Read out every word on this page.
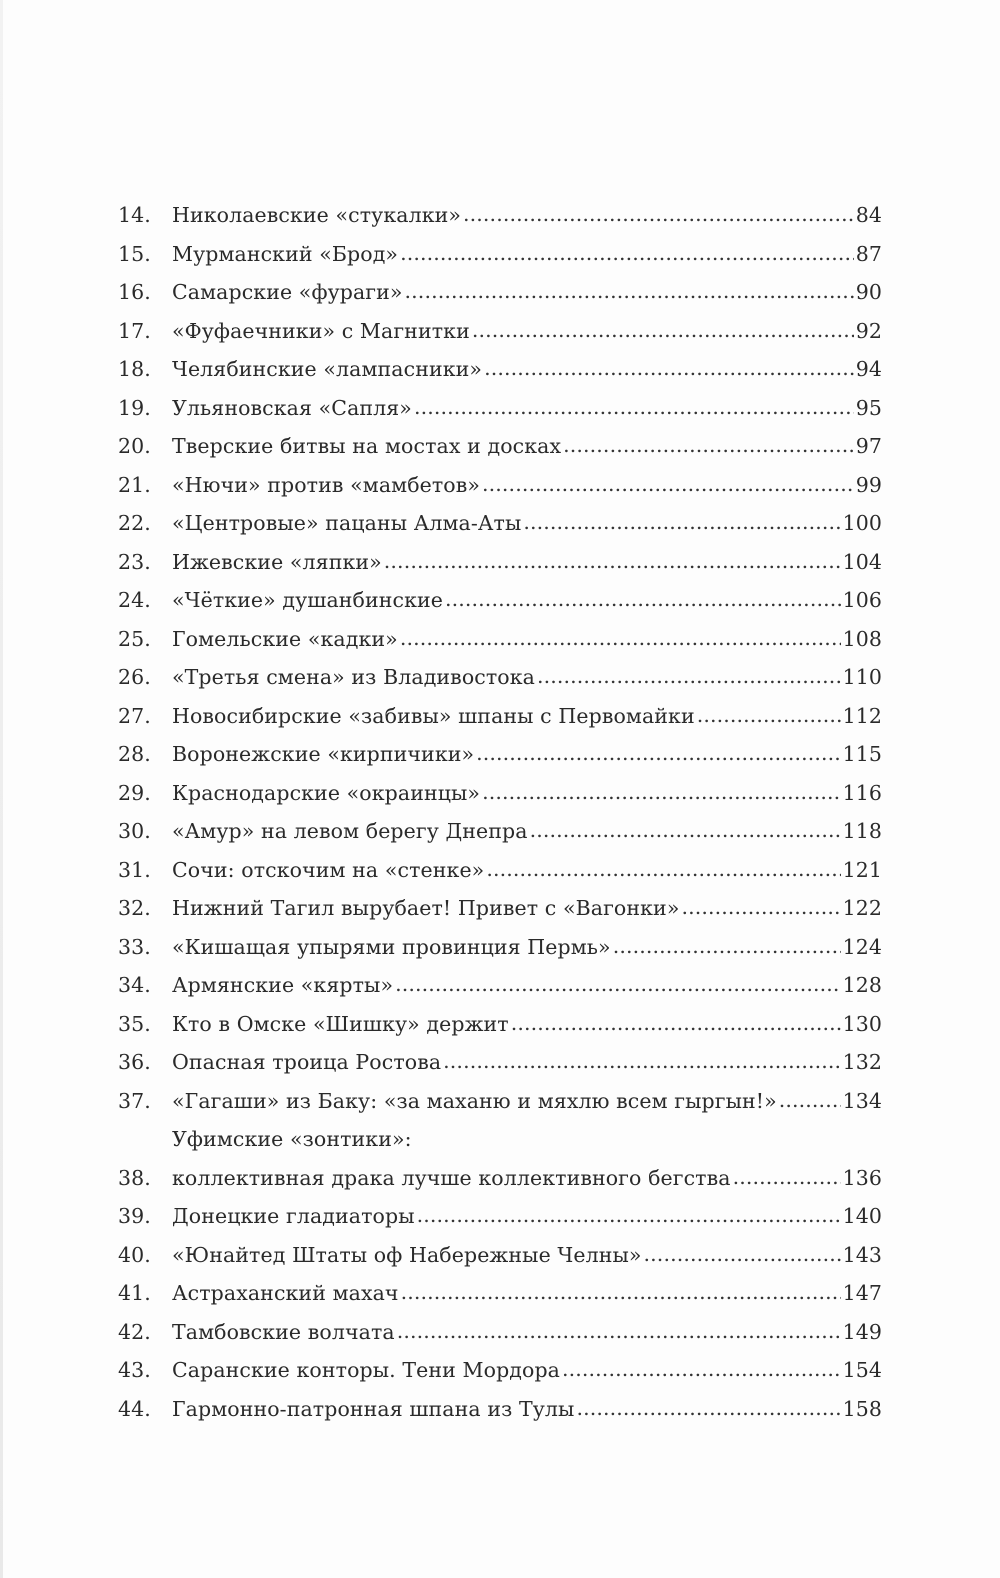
14.	Николаевские «стукалки» . . .	84
15.	Мурманский «Брод» . . .	87
16.	Самарские «фураги» . . .	90
17.	«Фуфаечники» с Магнитки . . .	92
18.	Челябинские «лампасники» . . .	94
19.	Ульяновская «Сапля» . . .	95
20.	Тверские битвы на мостах и досках . . .	97
21.	«Нючи» против «мамбетов» . . .	99
22.	«Центровые» пацаны Алма-Аты . . .	100
23.	Ижевские «ляпки» . . .	104
24.	«Чёткие» душанбинские . . .	106
25.	Гомельские «кадки» . . .	108
26.	«Третья смена» из Владивостока . . .	110
27.	Новосибирские «забивы» шпаны с Первомайки . . .	112
28.	Воронежские «кирпичики» . . .	115
29.	Краснодарские «окраинцы» . . .	116
30.	«Амур» на левом берегу Днепра . . .	118
31.	Сочи: отскочим на «стенке» . . .	121
32.	Нижний Тагил вырубает! Привет с «Вагонки» . . .	122
33.	«Кишащая упырями провинция Пермь» . . .	124
34.	Армянские «кярты» . . .	128
35.	Кто в Омске «Шишку» держит . . .	130
36.	Опасная троица Ростова . . .	132
37.	«Гагаши» из Баку: «за маханю и мяхлю всем гыргын!» . . .	134
38.
Уфимские «зонтики»:
коллективная драка лучше коллективного бегства . . .	136
39.	Донецкие гладиаторы . . .	140
40.	«Юнайтед Штаты оф Набережные Челны» . . .	143
41.	Астраханский махач . . .	147
42.	Тамбовские волчата . . .	149
43.	Саранские конторы. Тени Мордора . . .	154
44.	Гармонно-патронная шпана из Тулы . . .	158
